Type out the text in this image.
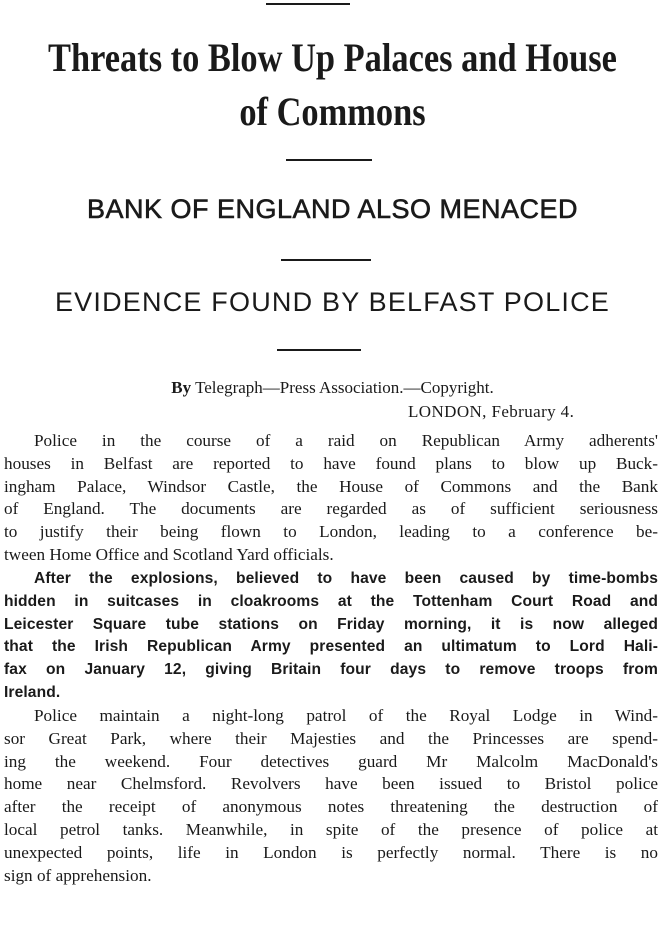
Threats to Blow Up Palaces and House
of Commons
BANK OF ENGLAND ALSO MENACED
EVIDENCE FOUND BY BELFAST POLICE
By Telegraph—Press Association.—Copyright.
LONDON, February 4.
Police in the course of a raid on Republican Army adherents'
houses in Belfast are reported to have found plans to blow up Buck-
ingham Palace, Windsor Castle, the House of Commons and the Bank
of England. The documents are regarded as of sufficient seriousness
to justify their being flown to London, leading to a conference be-
tween Home Office and Scotland Yard officials.
After the explosions, believed to have been caused by time-bombs
hidden in suitcases in cloakrooms at the Tottenham Court Road and
Leicester Square tube stations on Friday morning, it is now alleged
that the Irish Republican Army presented an ultimatum to Lord Hali-
fax on January 12, giving Britain four days to remove troops from
Ireland.
Police maintain a night-long patrol of the Royal Lodge in Wind-
sor Great Park, where their Majesties and the Princesses are spend-
ing the weekend. Four detectives guard Mr Malcolm MacDonald's
home near Chelmsford. Revolvers have been issued to Bristol police
after the receipt of anonymous notes threatening the destruction of
local petrol tanks. Meanwhile, in spite of the presence of police at
unexpected points, life in London is perfectly normal. There is no
sign of apprehension.
